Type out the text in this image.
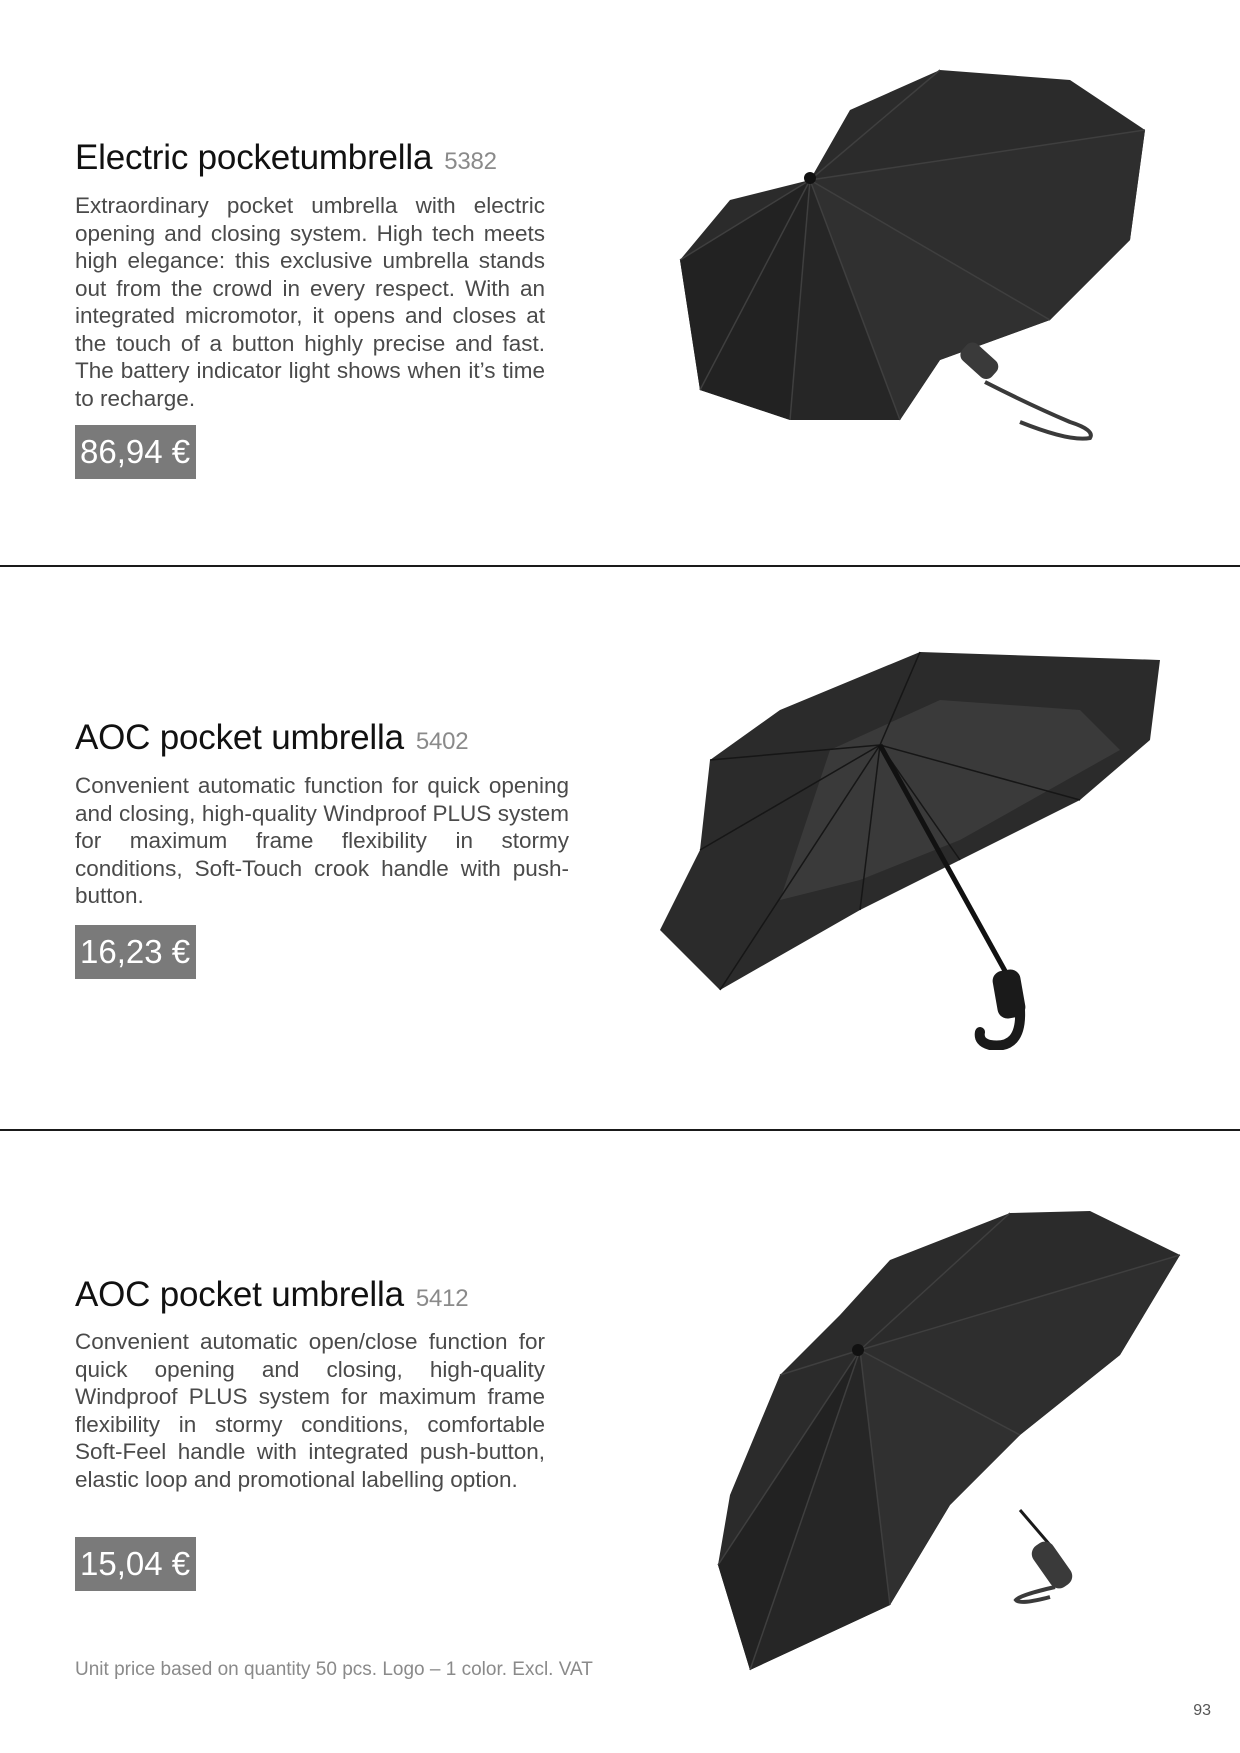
Electric pocketumbrella 5382

Extraordinary pocket umbrella with electric opening and closing system. High tech meets high elegance: this exclusive umbrella stands out from the crowd in every respect. With an integrated micromotor, it opens and closes at the touch of a button highly precise and fast. The battery indicator light shows when it’s time to recharge.

86,94 €
AOC pocket umbrella 5402

Convenient automatic function for quick opening and closing, high-quality Windproof PLUS system for maximum frame flexibility in stormy conditions, Soft-Touch crook handle with push-button.

16,23 €
AOC pocket umbrella 5412

Convenient automatic open/close function for quick opening and closing, high-quality Windproof PLUS system for maximum frame flexibility in stormy conditions, comfortable Soft-Feel handle with integrated push-button, elastic loop and promotional labelling option.

15,04 €

Unit price based on quantity 50 pcs. Logo – 1 color. Excl. VAT

93
